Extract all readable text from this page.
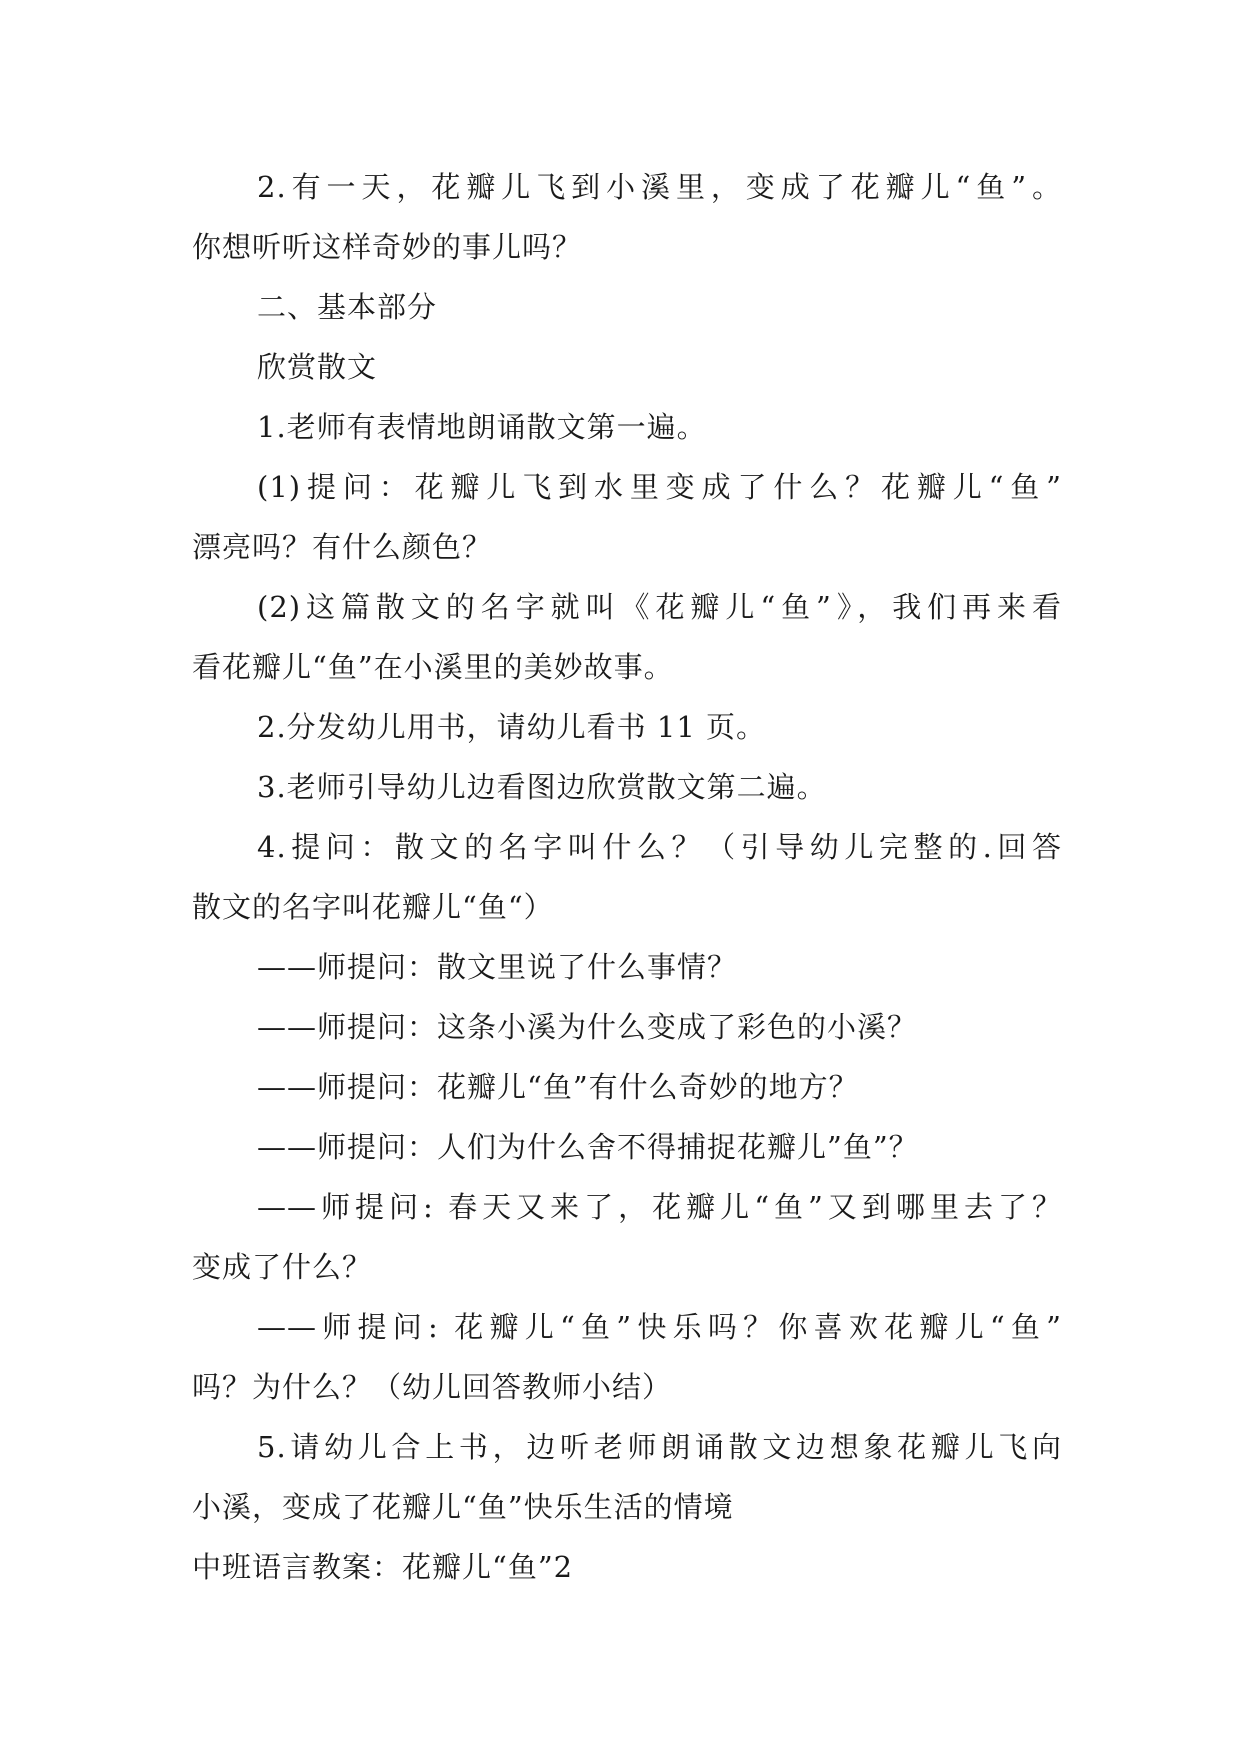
2.有一天，花瓣儿飞到小溪里，变成了花瓣儿“鱼”。
你想听听这样奇妙的事儿吗？
二、基本部分
欣赏散文
1.老师有表情地朗诵散文第一遍。
(1)提问：花瓣儿飞到水里变成了什么？花瓣儿“鱼”
漂亮吗？有什么颜色？
(2)这篇散文的名字就叫《花瓣儿“鱼”》，我们再来看
看花瓣儿“鱼”在小溪里的美妙故事。
2.分发幼儿用书，请幼儿看书 11 页。
3.老师引导幼儿边看图边欣赏散文第二遍。
4.提问：散文的名字叫什么？（引导幼儿完整的.回答
散文的名字叫花瓣儿“鱼“）
——师提问：散文里说了什么事情？
——师提问：这条小溪为什么变成了彩色的小溪？
——师提问：花瓣儿“鱼”有什么奇妙的地方？
——师提问：人们为什么舍不得捕捉花瓣儿”鱼”？
——师提问: 春天又来了，花瓣儿“鱼”又到哪里去了？
变成了什么？
——师提问: 花瓣儿“鱼”快乐吗？你喜欢花瓣儿“鱼”
吗？为什么？（幼儿回答教师小结）
5.请幼儿合上书，边听老师朗诵散文边想象花瓣儿飞向
小溪，变成了花瓣儿“鱼”快乐生活的情境
中班语言教案：花瓣儿“鱼”2
